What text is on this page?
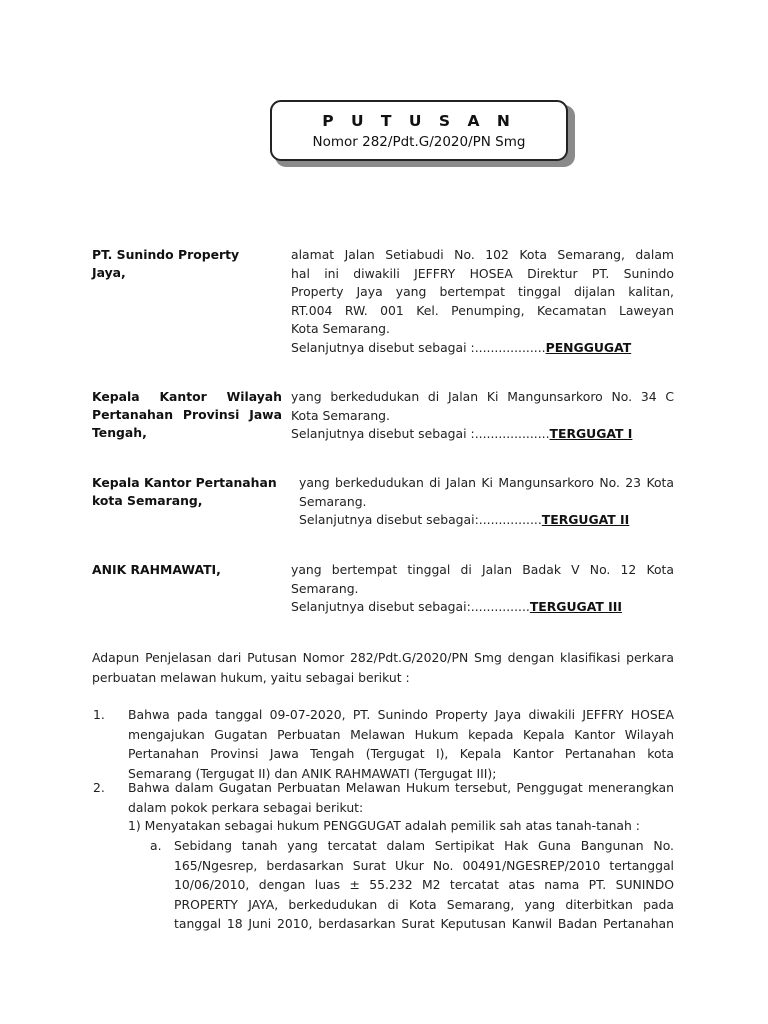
P U T U S A N
Nomor 282/Pdt.G/2020/PN Smg
PT. Sunindo Property
Jaya,
alamat Jalan Setiabudi No. 102 Kota Semarang, dalam
hal ini diwakili JEFFRY HOSEA Direktur PT. Sunindo
Property Jaya yang bertempat tinggal dijalan kalitan,
RT.004 RW. 001 Kel. Penumping, Kecamatan Laweyan
Kota Semarang.
Selanjutnya disebut sebagai :..................PENGGUGAT
Kepala Kantor Wilayah
Pertanahan Provinsi Jawa
Tengah,
yang berkedudukan di Jalan Ki Mangunsarkoro No. 34 C
Kota Semarang.
Selanjutnya disebut sebagai :...................TERGUGAT I
Kepala Kantor Pertanahan
kota Semarang,
yang berkedudukan di Jalan Ki Mangunsarkoro No. 23 Kota
Semarang.
Selanjutnya disebut sebagai:................TERGUGAT II
ANIK RAHMAWATI,	yang bertempat tinggal di Jalan Badak V No. 12 Kota
Semarang.
Selanjutnya disebut sebagai:...............TERGUGAT III
Adapun Penjelasan dari Putusan Nomor 282/Pdt.G/2020/PN Smg dengan klasifikasi perkara perbuatan melawan hukum, yaitu sebagai berikut :
1. Bahwa pada tanggal 09-07-2020, PT. Sunindo Property Jaya diwakili JEFFRY HOSEA mengajukan Gugatan Perbuatan Melawan Hukum kepada Kepala Kantor Wilayah Pertanahan Provinsi Jawa Tengah (Tergugat I), Kepala Kantor Pertanahan kota Semarang (Tergugat II) dan ANIK RAHMAWATI (Tergugat III);
2. Bahwa dalam Gugatan Perbuatan Melawan Hukum tersebut, Penggugat menerangkan dalam pokok perkara sebagai berikut:
1) Menyatakan sebagai hukum PENGGUGAT adalah pemilik sah atas tanah-tanah :
a. Sebidang tanah yang tercatat dalam Sertipikat Hak Guna Bangunan No.
165/Ngesrep, berdasarkan Surat Ukur No. 00491/NGESREP/2010 tertanggal
10/06/2010, dengan luas ± 55.232 M2 tercatat atas nama PT. SUNINDO
PROPERTY JAYA, berkedudukan di Kota Semarang, yang diterbitkan pada
tanggal 18 Juni 2010, berdasarkan Surat Keputusan Kanwil Badan Pertanahan
